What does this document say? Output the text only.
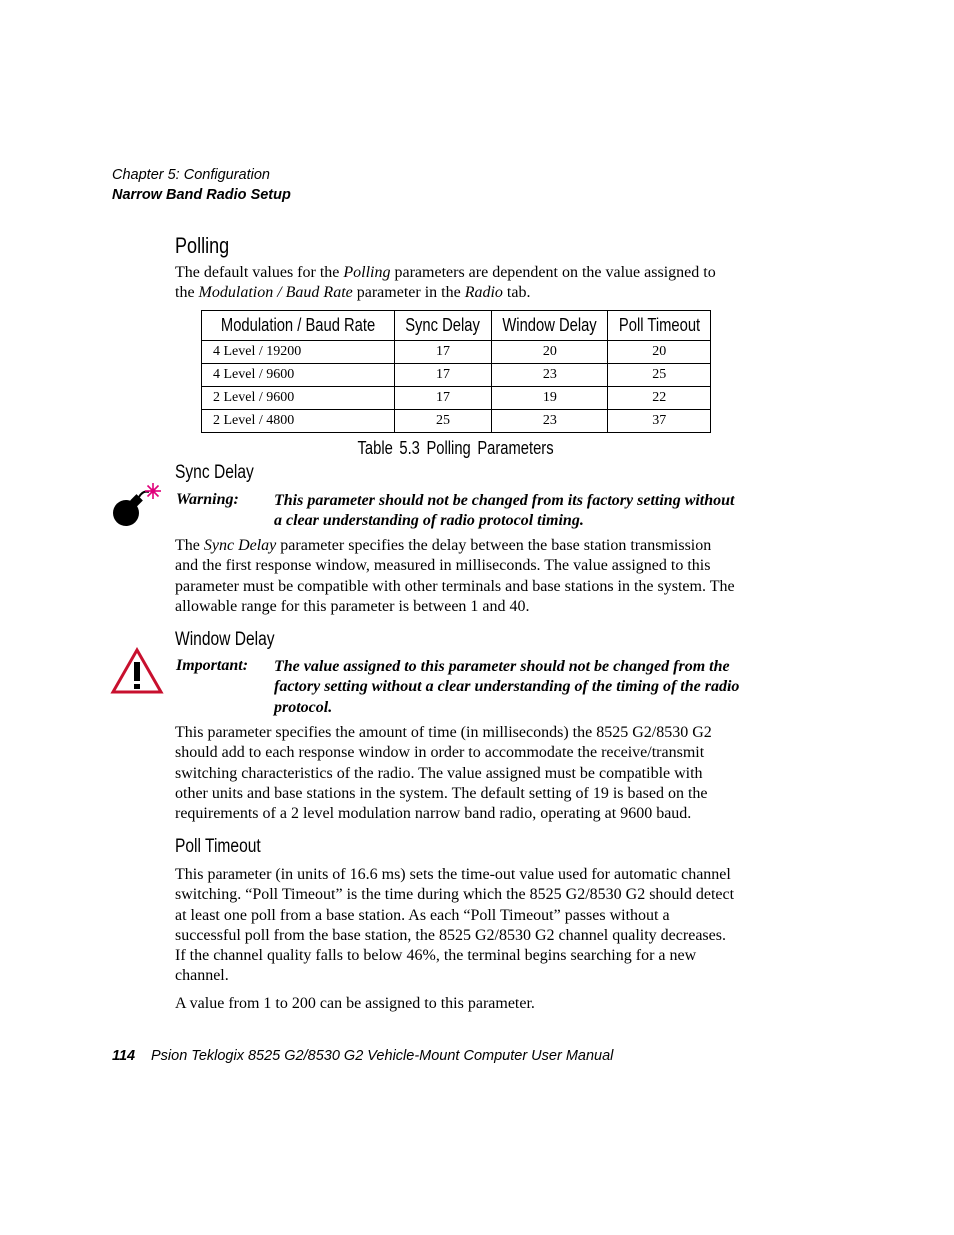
Chapter 5: Configuration
Narrow Band Radio Setup
Polling

The default values for the Polling parameters are dependent on the value assigned to the Modulation / Baud Rate parameter in the Radio tab.

Modulation / Baud Rate	Sync Delay	Window Delay	Poll Timeout
4 Level / 19200	17	20	20
4 Level / 9600	17	23	25
2 Level / 9600	17	19	22
2 Level / 4800	25	23	37
Table 5.3 Polling Parameters
Sync Delay
Warning: This parameter should not be changed from its factory setting without a clear understanding of radio protocol timing.

The Sync Delay parameter specifies the delay between the base station transmission and the first response window, measured in milliseconds. The value assigned to this parameter must be compatible with other terminals and base stations in the system. The allowable range for this parameter is between 1 and 40.

Window Delay
Important: The value assigned to this parameter should not be changed from the factory setting without a clear understanding of the timing of the radio protocol.

This parameter specifies the amount of time (in milliseconds) the 8525 G2/8530 G2 should add to each response window in order to accommodate the receive/transmit switching characteristics of the radio. The value assigned must be compatible with other units and base stations in the system. The default setting of 19 is based on the requirements of a 2 level modulation narrow band radio, operating at 9600 baud.

Poll Timeout

This parameter (in units of 16.6 ms) sets the time-out value used for automatic channel switching. “Poll Timeout” is the time during which the 8525 G2/8530 G2 should detect at least one poll from a base station. As each “Poll Timeout” passes without a successful poll from the base station, the 8525 G2/8530 G2 channel quality decreases. If the channel quality falls to below 46%, the terminal begins searching for a new channel.

A value from 1 to 200 can be assigned to this parameter.

114 Psion Teklogix 8525 G2/8530 G2 Vehicle-Mount Computer User Manual
